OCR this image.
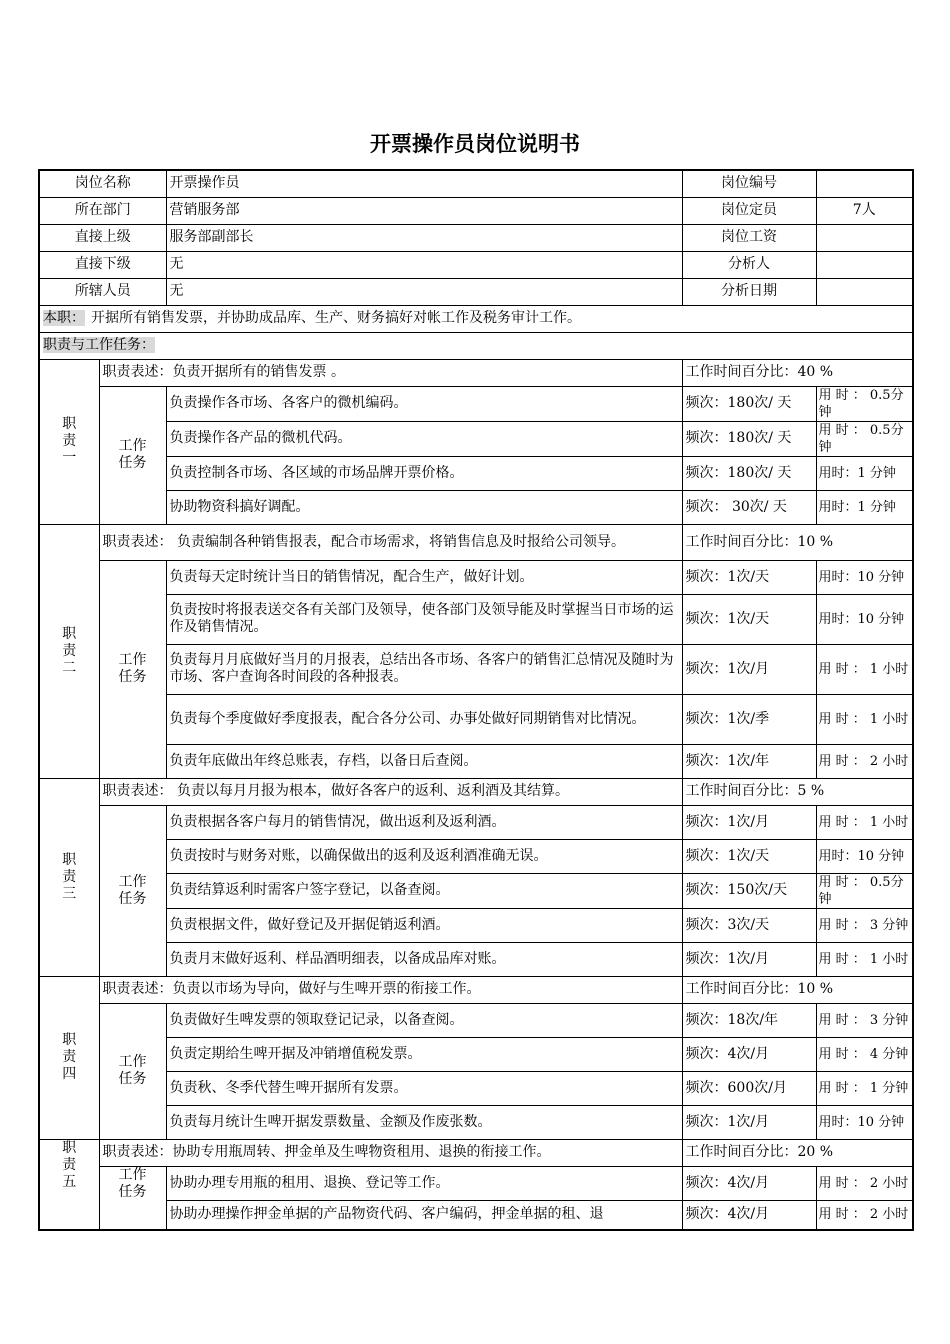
开票操作员岗位说明书
岗位名称		开票操作员	岗位编号	
所在部门		营销服务部	岗位定员	7人
直接上级		服务部副部长	岗位工资	
直接下级		无	分析人	
所辖人员		无	分析日期	
本职： 开据所有销售发票，并协助成品库、生产、财务搞好对帐工作及税务审计工作。				
职责与工作任务：				

职
责
一	职责表述：负责开据所有的销售发票 。		工作时间百分比：40 %	

	工作
任务	负责操作各市场、各客户的微机编码。	频次：180次/ 天	用 时 ： 0.5分钟
		负责操作各产品的微机代码。	频次：180次/ 天	用 时 ： 0.5分钟
		负责控制各市场、各区域的市场品牌开票价格。	频次：180次/ 天	用时：1 分钟
		协助物资科搞好调配。	频次： 30次/ 天	用时：1 分钟

职
责
二	职责表述： 负责编制各种销售报表，配合市场需求，将销售信息及时报给公司领导。		工作时间百分比：10 %	

	工作
任务	负责每天定时统计当日的销售情况，配合生产，做好计划。	频次：1次/天	用时：10 分钟
		负责按时将报表送交各有关部门及领导，使各部门及领导能及时掌握当日市场的运作及销售情况。	频次：1次/天	用时：10 分钟
		负责每月月底做好当月的月报表，总结出各市场、各客户的销售汇总情况及随时为市场、客户查询各时间段的各种报表。	频次：1次/月	用 时 ： 1 小时
		负责每个季度做好季度报表，配合各分公司、办事处做好同期销售对比情况。	频次：1次/季	用 时 ： 1 小时
		负责年底做出年终总账表，存档，以备日后查阅。	频次：1次/年	用 时 ： 2 小时

职
责
三	职责表述： 负责以每月月报为根本，做好各客户的返利、返利酒及其结算。		工作时间百分比：5 %	

	工作
任务	负责根据各客户每月的销售情况，做出返利及返利酒。	频次：1次/月	用 时 ： 1 小时
		负责按时与财务对账，以确保做出的返利及返利酒准确无误。	频次：1次/天	用时：10 分钟
		负责结算返利时需客户签字登记，以备查阅。	频次：150次/天	用 时 ： 0.5分钟
		负责根据文件，做好登记及开据促销返利酒。	频次：3次/天	用 时 ： 3 分钟
		负责月末做好返利、样品酒明细表，以备成品库对账。	频次：1次/月	用 时 ： 1 小时

职
责
四	职责表述：负责以市场为导向，做好与生啤开票的衔接工作。		工作时间百分比：10 %	

	工作
任务	负责做好生啤发票的领取登记记录，以备查阅。	频次：18次/年	用 时 ： 3 分钟
		负责定期给生啤开据及冲销增值税发票。	频次：4次/月	用 时 ： 4 分钟
		负责秋、冬季代替生啤开据所有发票。	频次：600次/月	用 时 ： 1 分钟
		负责每月统计生啤开据发票数量、金额及作废张数。	频次：1次/月	用时：10 分钟

职
责
五	职责表述：协助专用瓶周转、押金单及生啤物资租用、退换的衔接工作。		工作时间百分比：20 %	

	工作
任务	协助办理专用瓶的租用、退换、登记等工作。	频次：4次/月	用 时 ： 2 小时
		协助办理操作押金单据的产品物资代码、客户编码，押金单据的租、退	频次：4次/月	用 时 ： 2 小时
